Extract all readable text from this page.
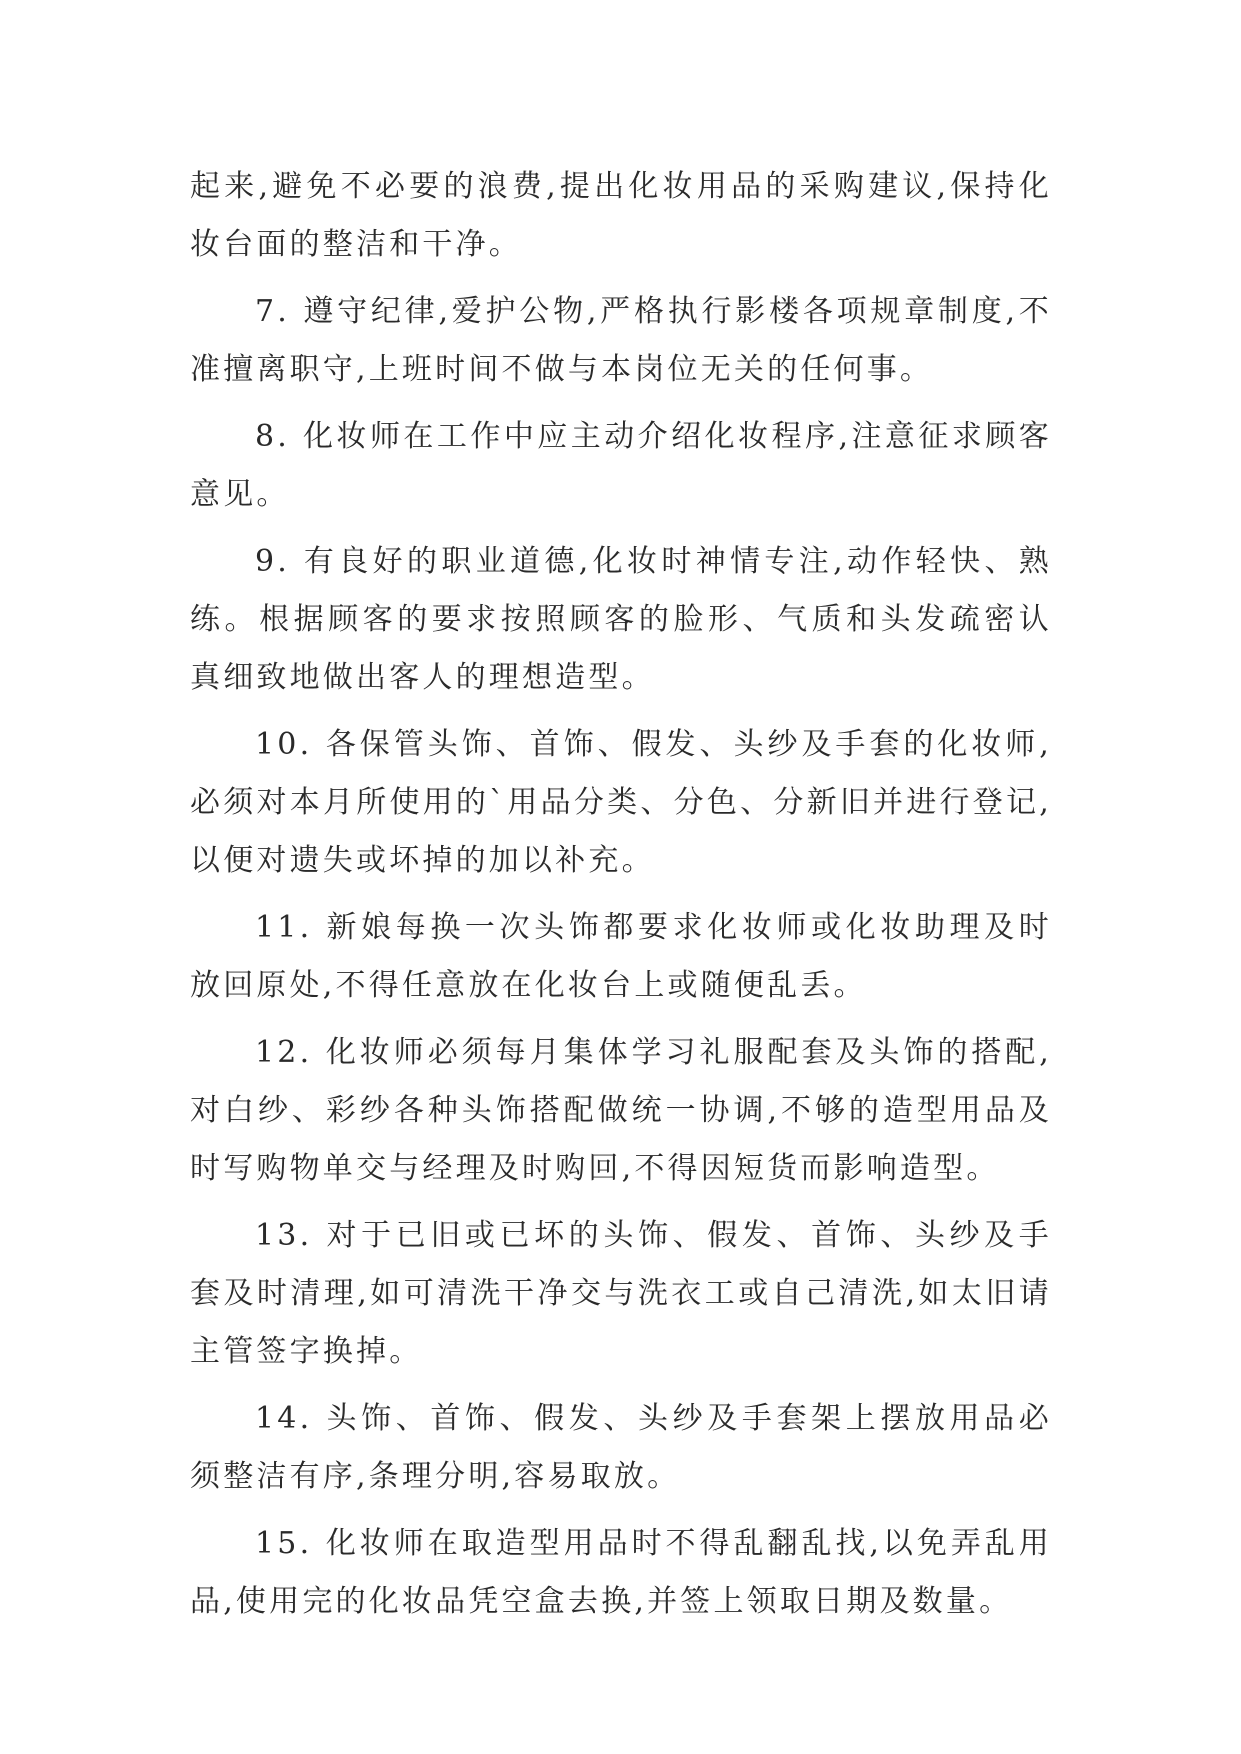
起来,避免不必要的浪费,提出化妆用品的采购建议,保持化妆台面的整洁和干净。

7. 遵守纪律,爱护公物,严格执行影楼各项规章制度,不准擅离职守,上班时间不做与本岗位无关的任何事。

8. 化妆师在工作中应主动介绍化妆程序,注意征求顾客意见。

9. 有良好的职业道德,化妆时神情专注,动作轻快、熟练。根据顾客的要求按照顾客的脸形、气质和头发疏密认真细致地做出客人的理想造型。

10. 各保管头饰、首饰、假发、头纱及手套的化妆师,必须对本月所使用的`用品分类、分色、分新旧并进行登记,以便对遗失或坏掉的加以补充。

11. 新娘每换一次头饰都要求化妆师或化妆助理及时放回原处,不得任意放在化妆台上或随便乱丢。

12. 化妆师必须每月集体学习礼服配套及头饰的搭配,对白纱、彩纱各种头饰搭配做统一协调,不够的造型用品及时写购物单交与经理及时购回,不得因短货而影响造型。

13. 对于已旧或已坏的头饰、假发、首饰、头纱及手套及时清理,如可清洗干净交与洗衣工或自己清洗,如太旧请主管签字换掉。

14. 头饰、首饰、假发、头纱及手套架上摆放用品必须整洁有序,条理分明,容易取放。

15. 化妆师在取造型用品时不得乱翻乱找,以免弄乱用品,使用完的化妆品凭空盒去换,并签上领取日期及数量。
